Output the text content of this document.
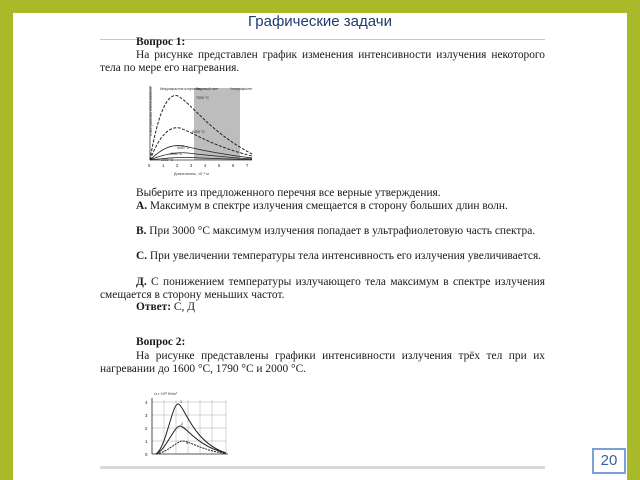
Графические задачи
Вопрос 1:
На рисунке представлен график изменения интенсивности излучения некоторого тела по мере его нагревания.
Выберите из предложенного перечня все верные утверждения.
А. Максимум в спектре излучения смещается в сторону больших длин волн.
В. При 3000 °С максимум излучения попадает в ультрафиолетовую часть спектра.
С. При увеличении температуры тела интенсивность его излучения увеличивается.
Д. С понижением температуры излучающего тела максимум в спектре излучения смещается в сторону меньших частот.
Ответ: С, Д
Вопрос 2:
На рисунке представлены графики интенсивности излучения трёх тел при их нагревании до 1600 °С, 1790 °С и 2000 °С.
Спектральная интенсивность Инфракрасное излучение
Видимый свет	Ультрафиолет
7000 °C
6000 °C
5000 °C
4000 °C
3000 °C
0	1	2	3	4	5	6	7
Длина волны, 10⁻⁶ м
rλ,т·10¹¹ Вт/м³
4
3
2
1
0
1
2
3
20
